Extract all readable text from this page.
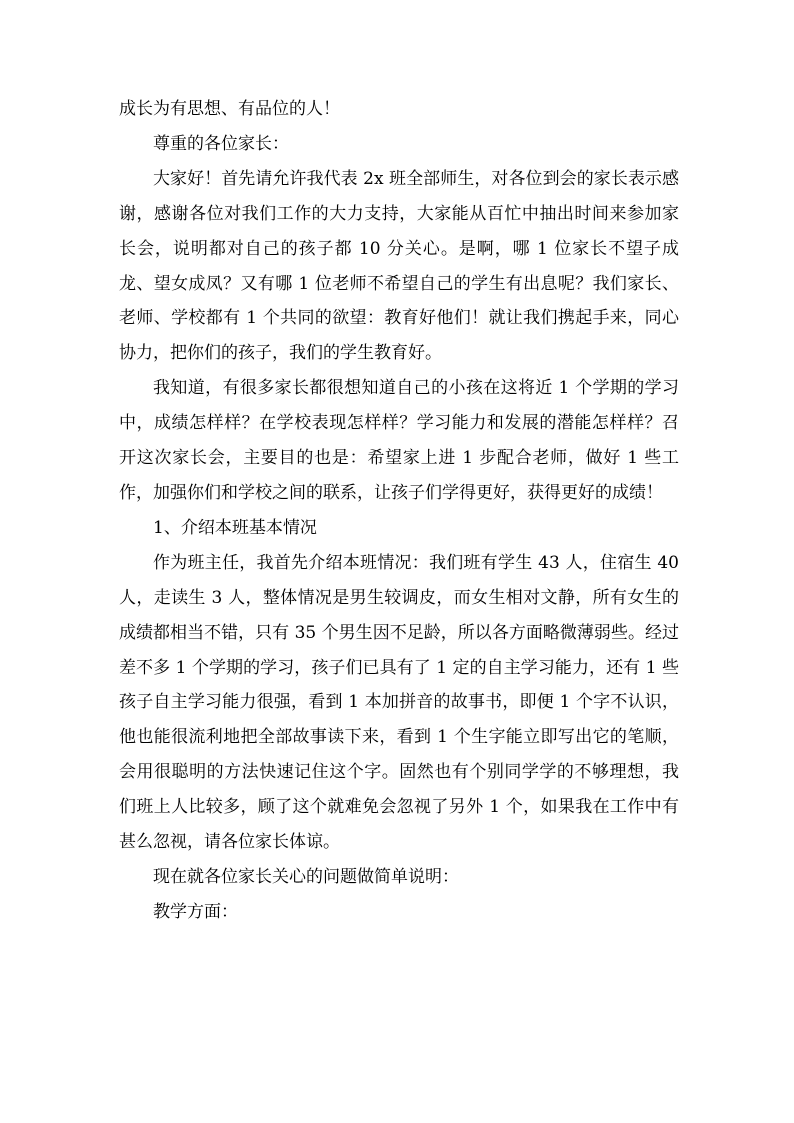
成长为有思想、有品位的人！

尊重的各位家长：

大家好！首先请允许我代表 2x 班全部师生，对各位到会的家长表示感谢，感谢各位对我们工作的大力支持，大家能从百忙中抽出时间来参加家长会，说明都对自己的孩子都 10 分关心。是啊，哪 1 位家长不望子成龙、望女成凤？又有哪 1 位老师不希望自己的学生有出息呢？我们家长、老师、学校都有 1 个共同的欲望：教育好他们！就让我们携起手来，同心协力，把你们的孩子，我们的学生教育好。

我知道，有很多家长都很想知道自己的小孩在这将近 1 个学期的学习中，成绩怎样样？在学校表现怎样样？学习能力和发展的潜能怎样样？召开这次家长会，主要目的也是：希望家上进 1 步配合老师，做好 1 些工作，加强你们和学校之间的联系，让孩子们学得更好，获得更好的成绩！

1、介绍本班基本情况

作为班主任，我首先介绍本班情况：我们班有学生 43 人，住宿生 40 人，走读生 3 人，整体情况是男生较调皮，而女生相对文静，所有女生的成绩都相当不错，只有 35 个男生因不足龄，所以各方面略微薄弱些。经过差不多 1 个学期的学习，孩子们已具有了 1 定的自主学习能力，还有 1 些孩子自主学习能力很强，看到 1 本加拼音的故事书，即便 1 个字不认识，他也能很流利地把全部故事读下来，看到 1 个生字能立即写出它的笔顺，会用很聪明的方法快速记住这个字。固然也有个别同学学的不够理想，我们班上人比较多，顾了这个就难免会忽视了另外 1 个，如果我在工作中有甚么忽视，请各位家长体谅。

现在就各位家长关心的问题做简单说明：

教学方面：
